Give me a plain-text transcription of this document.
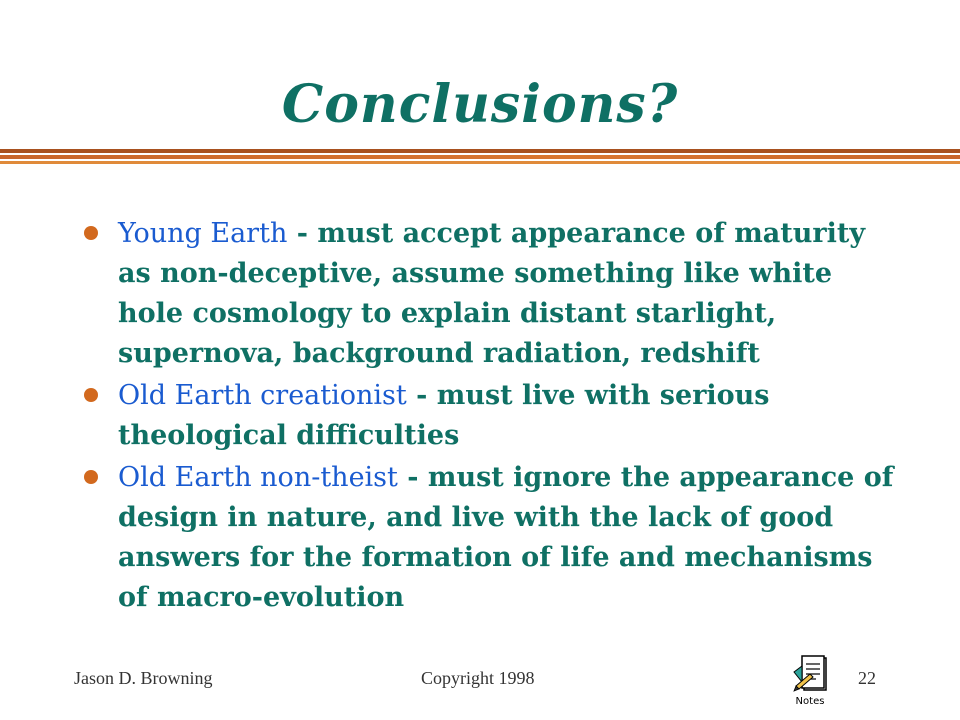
Conclusions?
Young Earth - must accept appearance of maturity as non-deceptive, assume something like white hole cosmology to explain distant starlight, supernova, background radiation, redshift
Old Earth creationist - must live with serious theological difficulties
Old Earth non-theist - must ignore the appearance of design in nature, and live with the lack of good answers for the formation of life and mechanisms of macro-evolution
Jason D. Browning	Copyright 1998	22
Notes
